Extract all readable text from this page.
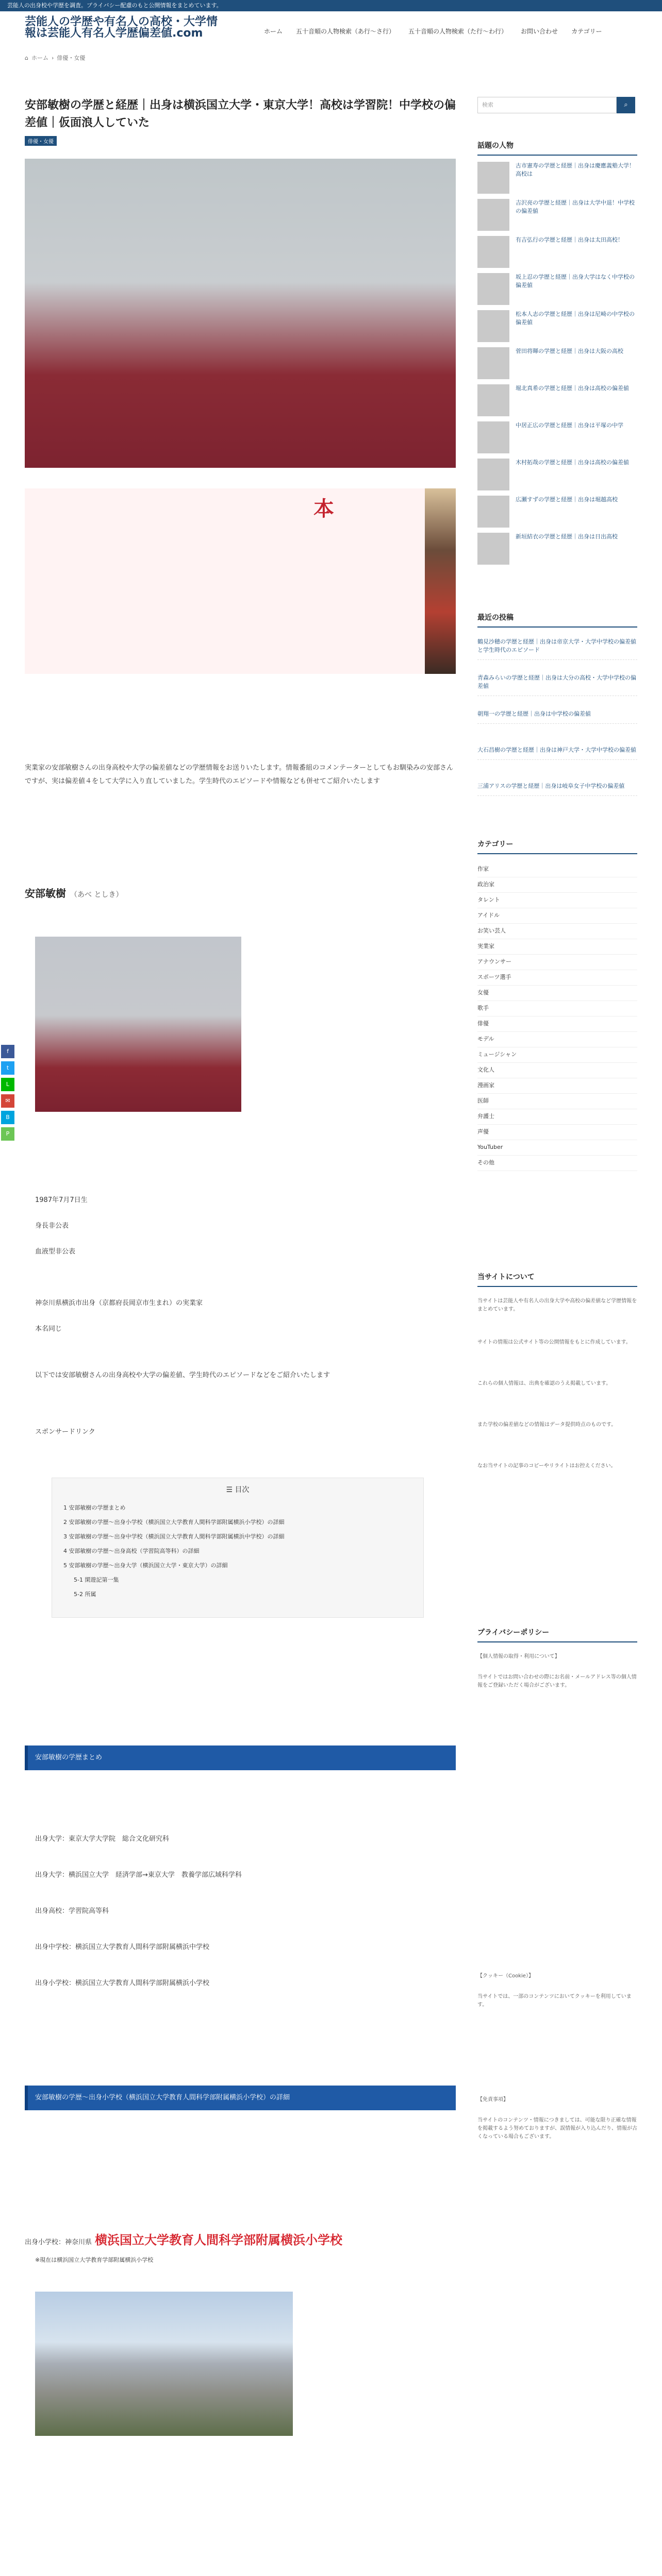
芸能人の出身校や学歴を調査。プライバシー配慮のもと公開情報をまとめています。
芸能人の学歴や有名人の高校・大学情報は芸能人有名人学歴偏差値.com	ホーム 五十音順の人物検索（あ行〜さ行） 五十音順の人物検索（た行〜わ行） お問い合わせ カテゴリー
⌂ ホーム › 俳優・女優
安部敏樹の学歴と経歴｜出身は横浜国立大学・東京大学！高校は学習院！中学校の偏差値｜仮面浪人していた
俳優・女優
本
実業家の安部敏樹さんの出身高校や大学の偏差値などの学歴情報をお送りいたします。情報番組のコメンテーターとしてもお馴染みの安部さんですが、実は偏差値４をして大学に入り直していました。学生時代のエピソードや情報なども併せてご紹介いたします
安部敏樹 （あべ としき）
f
t
L
✉
B
P
1987年7月7日生
身長非公表
血液型非公表
神奈川県横浜市出身（京都府長岡京市生まれ）の実業家
本名同じ
以下では安部敏樹さんの出身高校や大学の偏差値、学生時代のエピソードなどをご紹介いたします
スポンサードリンク
☰ 目次
1 安部敏樹の学歴まとめ
2 安部敏樹の学歴〜出身小学校（横浜国立大学教育人間科学部附属横浜小学校）の詳細
3 安部敏樹の学歴〜出身中学校（横浜国立大学教育人間科学部附属横浜中学校）の詳細
4 安部敏樹の学歴〜出身高校（学習院高等科）の詳細
5 安部敏樹の学歴〜出身大学（横浜国立大学・東京大学）の詳細
5-1 閑遊記第一集
5-2 所属
安部敏樹の学歴まとめ
出身大学：東京大学大学院　総合文化研究科
出身大学：横浜国立大学　経済学部→東京大学　教養学部広域科学科
出身高校：学習院高等科
出身中学校：横浜国立大学教育人間科学部附属横浜中学校
出身小学校：横浜国立大学教育人間科学部附属横浜小学校
安部敏樹の学歴〜出身小学校（横浜国立大学教育人間科学部附属横浜小学校）の詳細
出身小学校：神奈川県 横浜国立大学教育人間科学部附属横浜小学校
※現在は横浜国立大学教育学部附属横浜小学校
検索	⌕
話題の人物
古市憲寿の学歴と経歴｜出身は慶應義塾大学！高校は
吉沢亮の学歴と経歴｜出身は大学中退！中学校の偏差値
有吉弘行の学歴と経歴｜出身は太田高校！
坂上忍の学歴と経歴｜出身大学はなく中学校の偏差値
松本人志の学歴と経歴｜出身は尼崎の中学校の偏差値
菅田将暉の学歴と経歴｜出身は大阪の高校
堀北真希の学歴と経歴｜出身は高校の偏差値
中居正広の学歴と経歴｜出身は平塚の中学
木村拓哉の学歴と経歴｜出身は高校の偏差値
広瀬すずの学歴と経歴｜出身は堀越高校
新垣結衣の学歴と経歴｜出身は日出高校
最近の投稿
鶴見沙穂の学歴と経歴｜出身は帝京大学・大学中学校の偏差値と学生時代のエピソード
青森みらいの学歴と経歴｜出身は大分の高校・大学中学校の偏差値
朝翔一の学歴と経歴｜出身は中学校の偏差値
大石昌樹の学歴と経歴｜出身は神戸大学・大学中学校の偏差値
三浦アリスの学歴と経歴｜出身は岐阜女子中学校の偏差値
カテゴリー
作家
政治家
タレント
アイドル
お笑い芸人
実業家
アナウンサー
スポーツ選手
女優
歌手
俳優
モデル
ミュージシャン
文化人
漫画家
医師
弁護士
声優
YouTuber
その他
当サイトについて
当サイトは芸能人や有名人の出身大学や高校の偏差値など学歴情報をまとめています。
サイトの情報は公式サイト等の公開情報をもとに作成しています。
これらの個人情報は、出典を確認のうえ掲載しています。
また学校の偏差値などの情報はデータ提供時点のものです。
なお当サイトの記事のコピーやリライトはお控えください。
プライバシーポリシー
【個人情報の取得・利用について】
当サイトではお問い合わせの際にお名前・メールアドレス等の個人情報をご登録いただく場合がございます。
【クッキー（Cookie）】
当サイトでは、一部のコンテンツにおいてクッキーを利用しています。
【免責事項】
当サイトのコンテンツ・情報につきましては、可能な限り正確な情報を掲載するよう努めておりますが、誤情報が入り込んだり、情報が古くなっている場合もございます。
